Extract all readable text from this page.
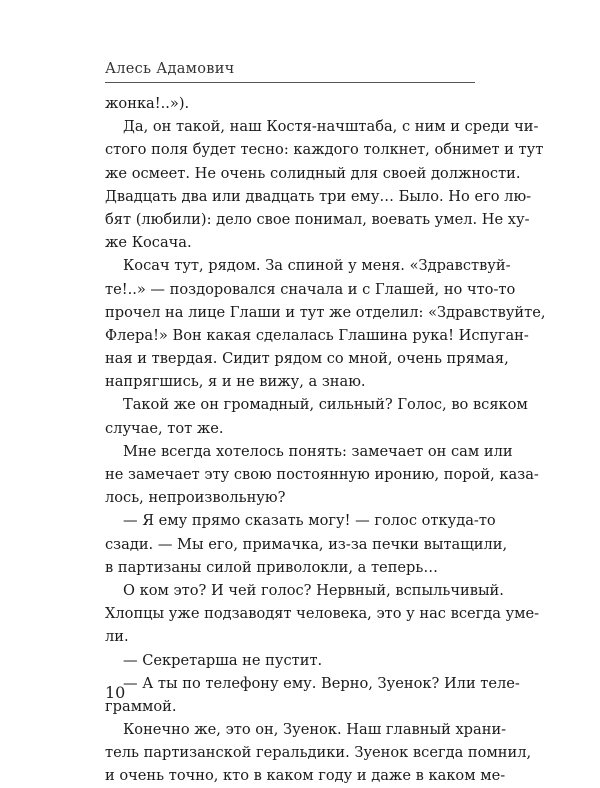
Алесь Адамович
жонка!..»).
Да, он такой, наш Костя-начштаба, с ним и среди чи-
стого поля будет тесно: каждого толкнет, обнимет и тут
же осмеет. Не очень солидный для своей должности.
Двадцать два или двадцать три ему… Было. Но его лю-
бят (любили): дело свое понимал, воевать умел. Не ху-
же Косача.
Косач тут, рядом. За спиной у меня. «Здравствуй-
те!..» — поздоровался сначала и с Глашей, но что-то
прочел на лице Глаши и тут же отделил: «Здравствуйте,
Флера!» Вон какая сделалась Глашина рука! Испуган-
ная и твердая. Сидит рядом со мной, очень прямая,
напрягшись, я и не вижу, а знаю.
Такой же он громадный, сильный? Голос, во всяком
случае, тот же.
Мне всегда хотелось понять: замечает он сам или
не замечает эту свою постоянную иронию, порой, каза-
лось, непроизвольную?
— Я ему прямо сказать могу! — голос откуда-то
сзади. — Мы его, примачка, из-за печки вытащили,
в партизаны силой приволокли, а теперь…
О ком это? И чей голос? Нервный, вспыльчивый.
Хлопцы уже подзаводят человека, это у нас всегда уме-
ли.
— Секретарша не пустит.
— А ты по телефону ему. Верно, Зуенок? Или теле-
граммой.
Конечно же, это он, Зуенок. Наш главный храни-
тель партизанской геральдики. Зуенок всегда помнил,
и очень точно, кто в каком году и даже в каком ме-
10
